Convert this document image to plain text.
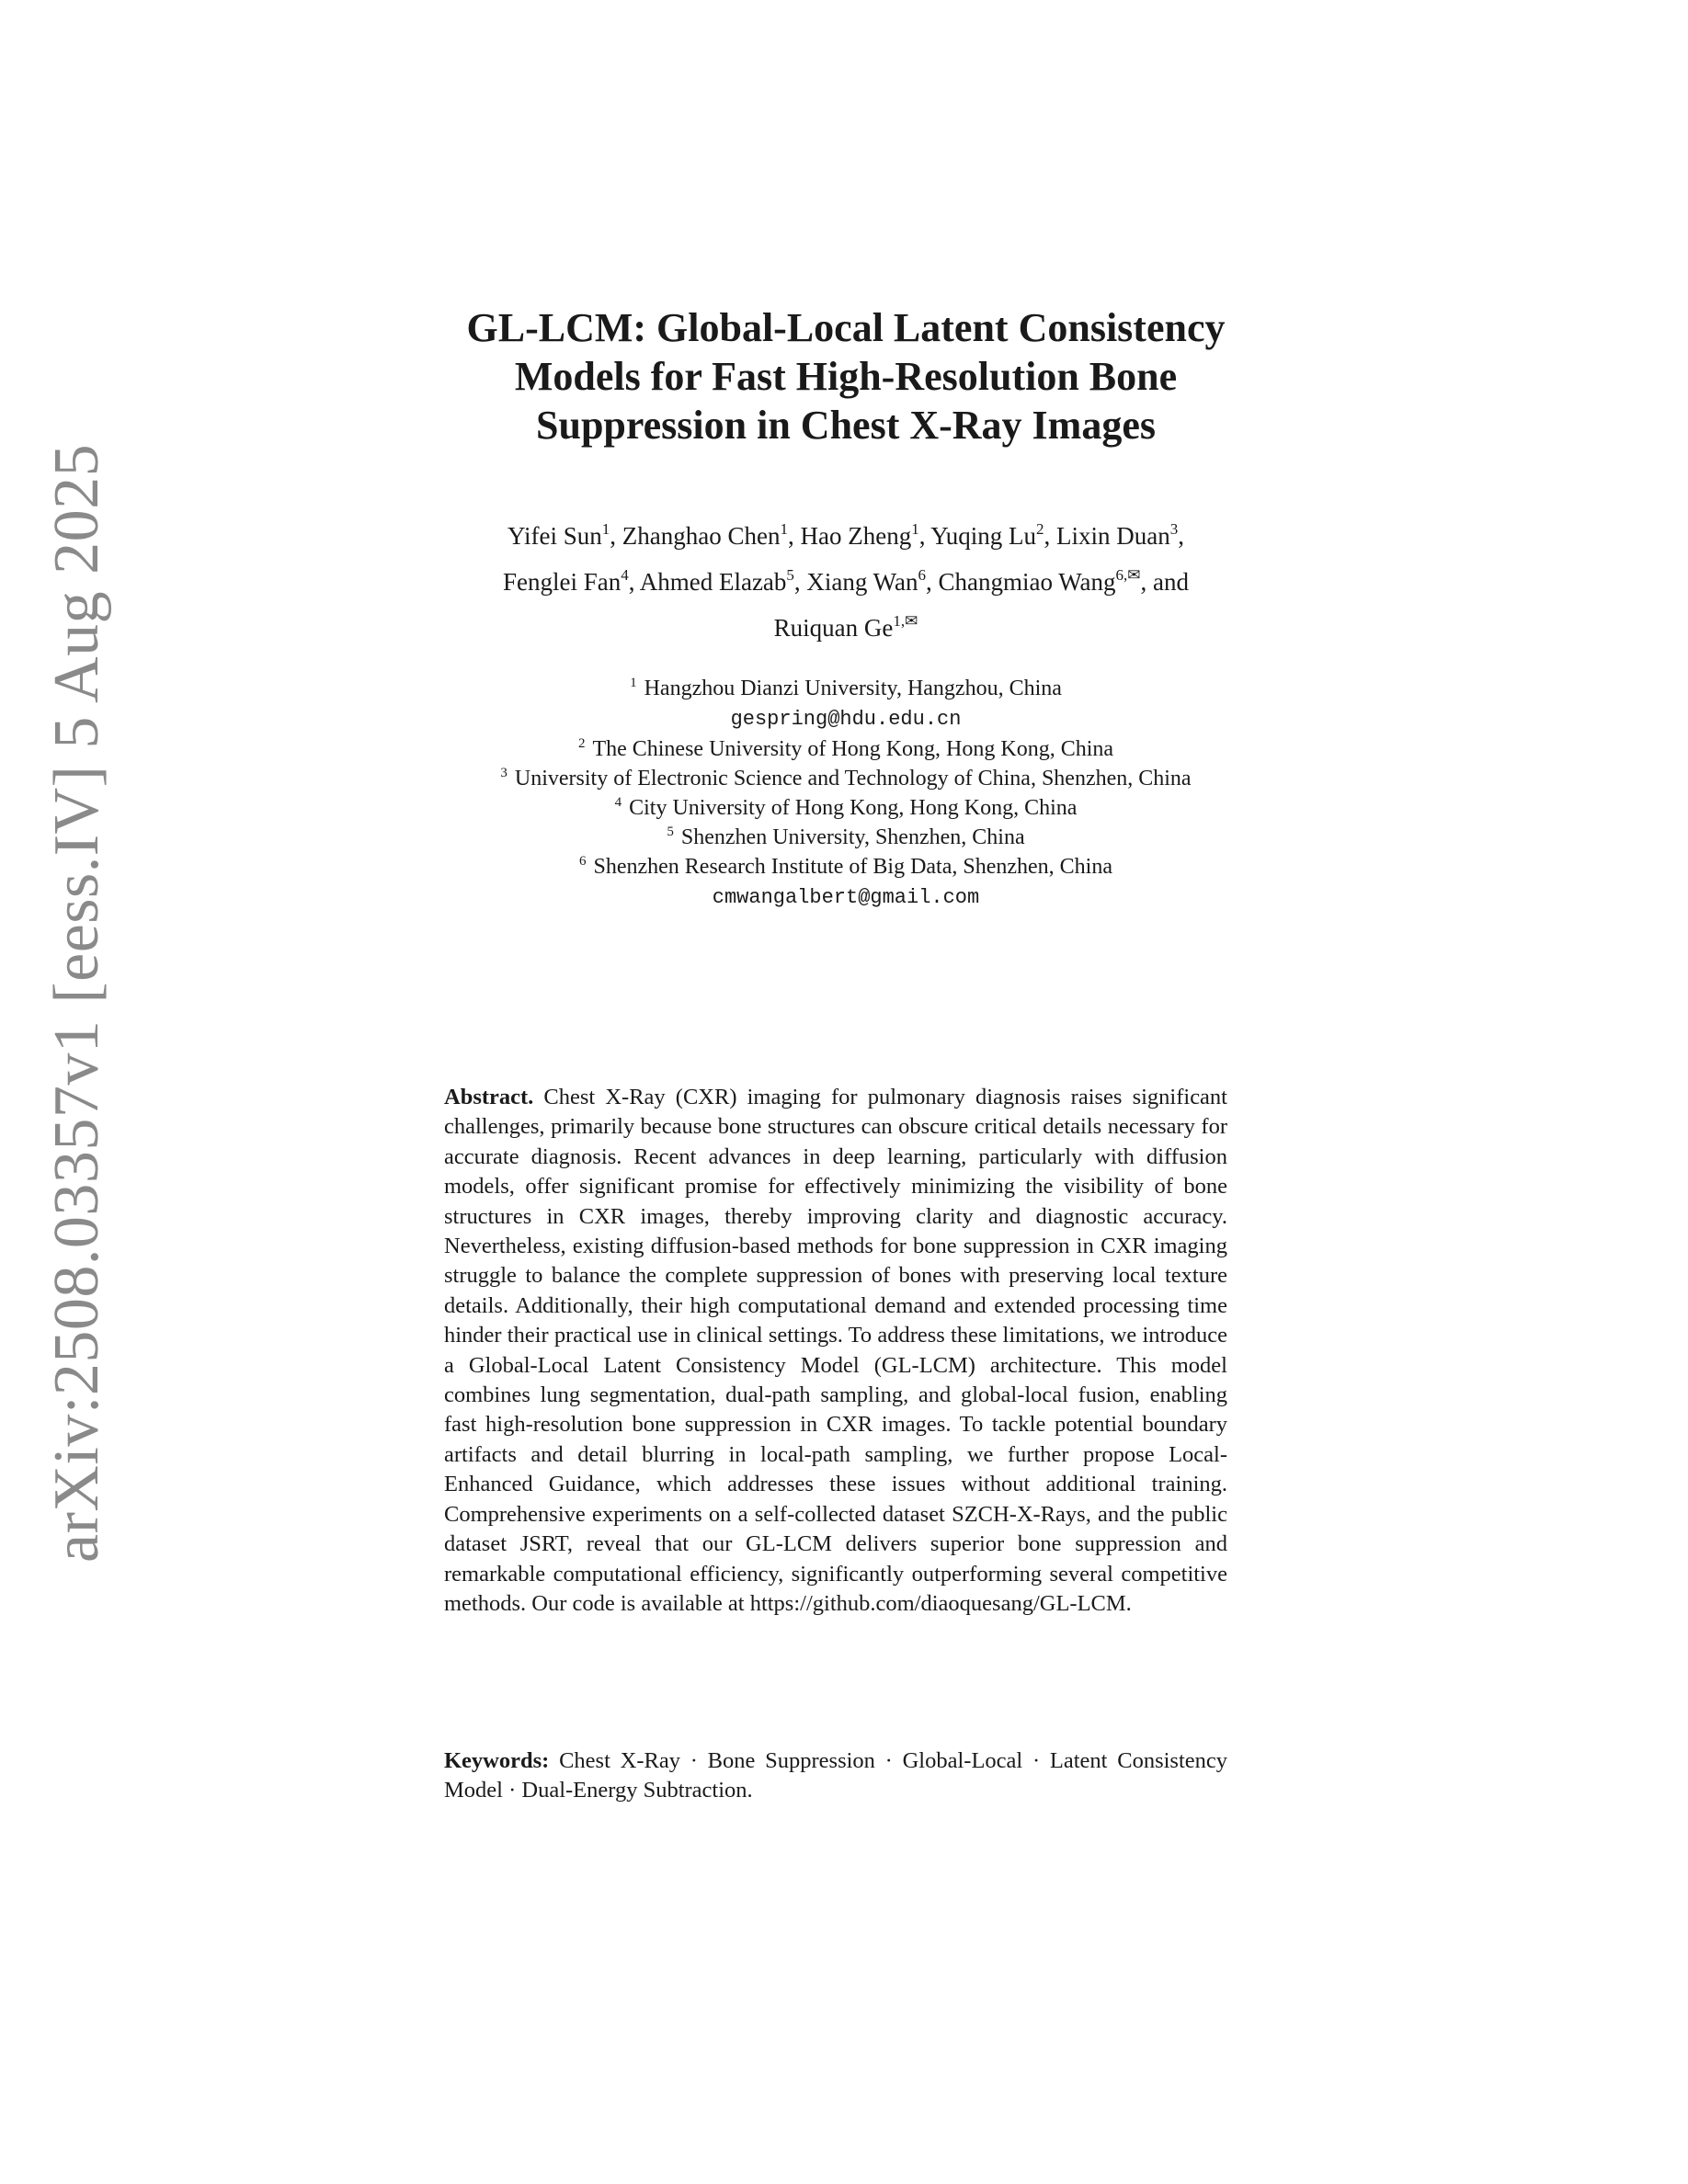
arXiv:2508.03357v1 [eess.IV] 5 Aug 2025
GL-LCM: Global-Local Latent Consistency
Models for Fast High-Resolution Bone
Suppression in Chest X-Ray Images
Yifei Sun$^1$, Zhanghao Chen$^1$, Hao Zheng$^1$, Yuqing Lu$^2$, Lixin Duan$^3$,
Fenglei Fan$^4$, Ahmed Elazab$^5$, Xiang Wan$^6$, Changmiao Wang$^{6,✉}$, and
Ruiquan $Ge^{1,✉}$
$^1$ Hangzhou Dianzi University, Hangzhou, China
gespring@hdu.edu.cn
$^2$ The Chinese University of Hong Kong, Hong Kong, China
$^3$ University of Electronic Science and Technology of China, Shenzhen, China
$^4$ City University of Hong Kong, Hong Kong, China
$^5$ Shenzhen University, Shenzhen, China
$^6$ Shenzhen Research Institute of Big Data, Shenzhen, China
cmwangalbert@gmail.com
Abstract. Chest X-Ray (CXR) imaging for pulmonary diagnosis raises significant challenges, primarily because bone structures can obscure critical details necessary for accurate diagnosis. Recent advances in deep learning, particularly with diffusion models, offer significant promise for effectively minimizing the visibility of bone structures in CXR images, thereby improving clarity and diagnostic accuracy. Nevertheless, existing diffusion-based methods for bone suppression in CXR imaging struggle to balance the complete suppression of bones with preserving local texture details. Additionally, their high computational demand and extended processing time hinder their practical use in clinical settings. To address these limitations, we introduce a Global-Local Latent Consistency Model (GL-LCM) architecture. This model combines lung segmentation, dual-path sampling, and global-local fusion, enabling fast high-resolution bone suppression in CXR images. To tackle potential boundary artifacts and detail blurring in local-path sampling, we further propose Local-Enhanced Guidance, which addresses these issues without additional training. Comprehensive experiments on a self-collected dataset SZCH-X-Rays, and the public dataset JSRT, reveal that our GL-LCM delivers superior bone suppression and remarkable computational efficiency, significantly outperforming several competitive methods. Our code is available at https://github.com/diaoquesang/GL-LCM.
Keywords: Chest X-Ray · Bone Suppression · Global-Local · Latent Consistency Model · Dual-Energy Subtraction.
